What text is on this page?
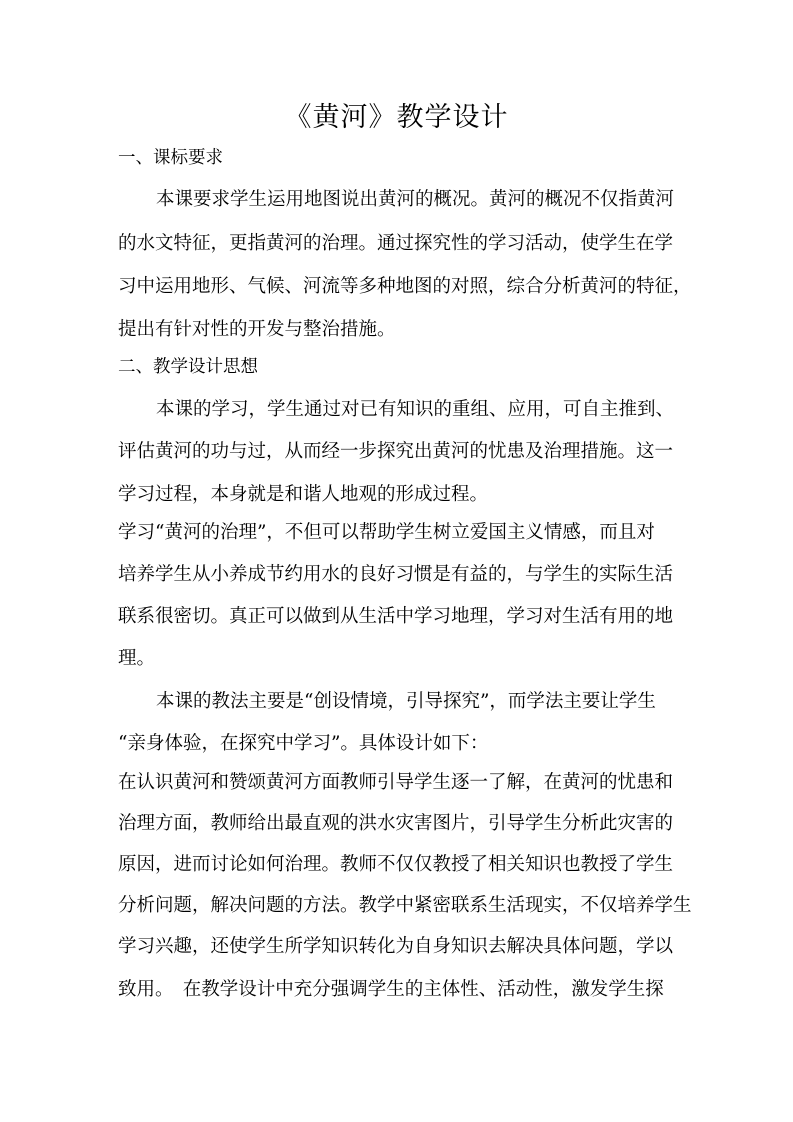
《黄河》教学设计
一、课标要求
本课要求学生运用地图说出黄河的概况。黄河的概况不仅指黄河
的水文特征，更指黄河的治理。通过探究性的学习活动，使学生在学
习中运用地形、气候、河流等多种地图的对照，综合分析黄河的特征，
提出有针对性的开发与整治措施。
二、教学设计思想
本课的学习，学生通过对已有知识的重组、应用，可自主推到、
评估黄河的功与过，从而经一步探究出黄河的忧患及治理措施。这一
学习过程，本身就是和谐人地观的形成过程。
学习“黄河的治理”，不但可以帮助学生树立爱国主义情感，而且对
培养学生从小养成节约用水的良好习惯是有益的，与学生的实际生活
联系很密切。真正可以做到从生活中学习地理，学习对生活有用的地
理。
本课的教法主要是“创设情境，引导探究”，而学法主要让学生
“亲身体验，在探究中学习”。具体设计如下：
在认识黄河和赞颂黄河方面教师引导学生逐一了解，在黄河的忧患和
治理方面，教师给出最直观的洪水灾害图片，引导学生分析此灾害的
原因，进而讨论如何治理。教师不仅仅教授了相关知识也教授了学生
分析问题，解决问题的方法。教学中紧密联系生活现实，不仅培养学生
学习兴趣，还使学生所学知识转化为自身知识去解决具体问题，学以
致用。　在教学设计中充分强调学生的主体性、活动性，激发学生探
